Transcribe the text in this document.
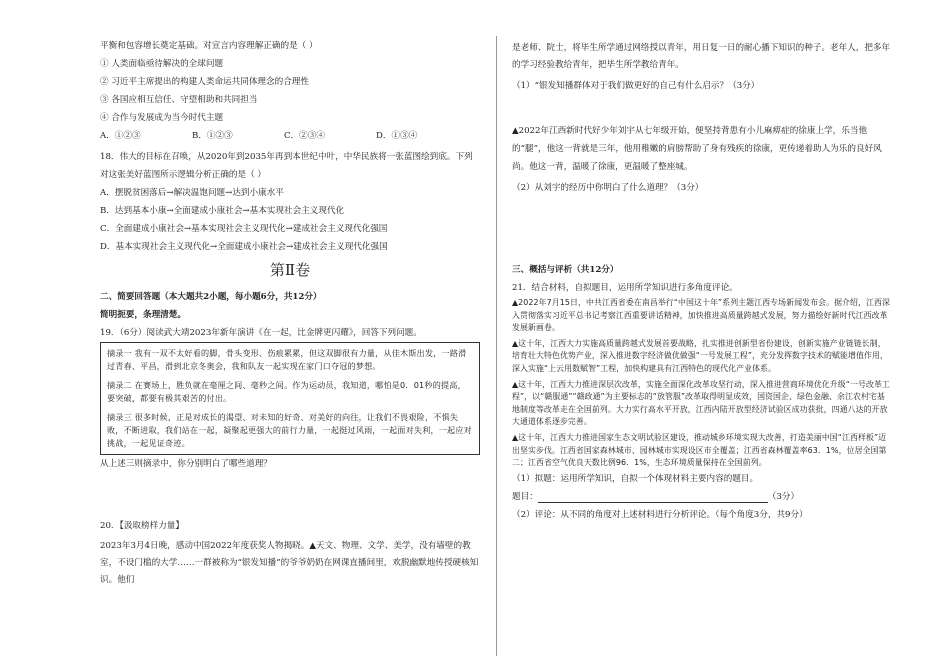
平衡和包容增长奠定基础。对宣言内容理解正确的是（ ）

① 人类面临亟待解决的全球问题

② 习近平主席提出的构建人类命运共同体理念的合理性

③ 各国应相互信任、守望相助和共同担当

④ 合作与发展成为当今时代主题

A．①②③	B．①②③	C．②③④	D．①③④

18．伟大的目标在召唤，从2020年到2035年再到本世纪中叶，中华民族将一张蓝图绘到底。下列对这张美好蓝图所示逻辑分析正确的是（ ）

A．摆脱贫困落后→解决温饱问题→达到小康水平

B．达到基本小康→全面建成小康社会→基本实现社会主义现代化

C．全面建成小康社会→基本实现社会主义现代化→建成社会主义现代化强国

D．基本实现社会主义现代化→全面建成小康社会→建成社会主义现代化强国

第Ⅱ卷

二、简要回答题（本大题共2小题，每小题6分，共12分）

简明扼要，条理清楚。

19．（6分）阅读武大靖2023年新年演讲《在一起，比金牌更闪耀》，回答下列问题。

摘录一 我有一双不太好看的脚，骨头变形、伤痕累累，但这双脚很有力量，从佳木斯出发，一路滑过青春、平昌，滑到北京冬奥会，我和队友一起实现在家门口夺冠的梦想。

摘录二 在赛场上，胜负就在毫厘之间、毫秒之间。作为运动员，我知道，哪怕是0．01秒的提高，要突破，都要有极其艰苦的付出。

摘录三 很多时候，正是对成长的渴望、对未知的好奇、对美好的向往，让我们不畏艰险，不惧失败，不断进取，我们站在一起，凝聚起更强大的前行力量，一起挺过风雨，一起面对失利，一起应对挑战，一起见证奇迹。

从上述三则摘录中，你分别明白了哪些道理？

20．【汲取榜样力量】

2023年3月4日晚，感动中国2022年度获奖人物揭晓。▲天文、物理、文学、美学，没有墙壁的教室，不设门槛的大学……一群被称为“银发知播”的爷爷奶奶在网课直播间里，欢脱幽默地传授硬核知识。他们

是老师、院士，将毕生所学通过网络授以青年，用日复一日的耐心播下知识的种子。老年人，把多年的学习经验教给青年，把毕生所学教给青年。

（1）“银发知播群体对于我们做更好的自己有什么启示？（3分）

▲2022年江西新时代好少年刘宇从七年级开始，便坚持背患有小儿麻痹症的徐康上学，乐当他的“腿”，他这一背就是三年，他用稚嫩的肩膀帮助了身有残疾的徐康，更传递着助人为乐的良好风尚。他这一背，温暖了徐康，更温暖了整座城。

（2）从刘宇的经历中你明白了什么道理？（3分）

三、概括与评析（共12分）

21．结合材料，自拟题目，运用所学知识进行多角度评论。

▲2022年7月15日，中共江西省委在南昌举行“中国这十年”系列主题江西专场新闻发布会。据介绍，江西深入贯彻落实习近平总书记考察江西重要讲话精神，加快推进高质量跨越式发展，努力描绘好新时代江西改革发展新画卷。

▲这十年，江西大力实施高质量跨越式发展首要战略，扎实推进创新型省份建设，创新实施产业链链长制，培育壮大特色优势产业，深入推进数字经济做优做强“一号发展工程”，充分发挥数字技术的赋能增值作用，深入实施“上云用数赋智”工程，加快构建具有江西特色的现代化产业体系。

▲这十年，江西大力推进深层次改革，实施全面深化改革攻坚行动，深入推进营商环境优化升级“一号改革工程”，以“赣服通”“赣政通”为主要标志的“放管服”改革取得明显成效，国资国企、绿色金融、余江农村宅基地制度等改革走在全国前列。大力实行高水平开放，江西内陆开放型经济试验区成功获批，四通八达的开放大通道体系逐步完善。

▲这十年，江西大力推进国家生态文明试验区建设，推动城乡环境实现大改善，打造美丽中国“江西样板”迈出坚实步伐。江西省国家森林城市、园林城市实现设区市全覆盖；江西省森林覆盖率63．1%，位居全国第二；江西省空气优良天数比例96．1%，生态环境质量保持在全国前列。

（1）拟题：运用所学知识，自拟一个体现材料主要内容的题目。

题目：	（3分）

（2）评论：从不同的角度对上述材料进行分析评论。（每个角度3分，共9分）
